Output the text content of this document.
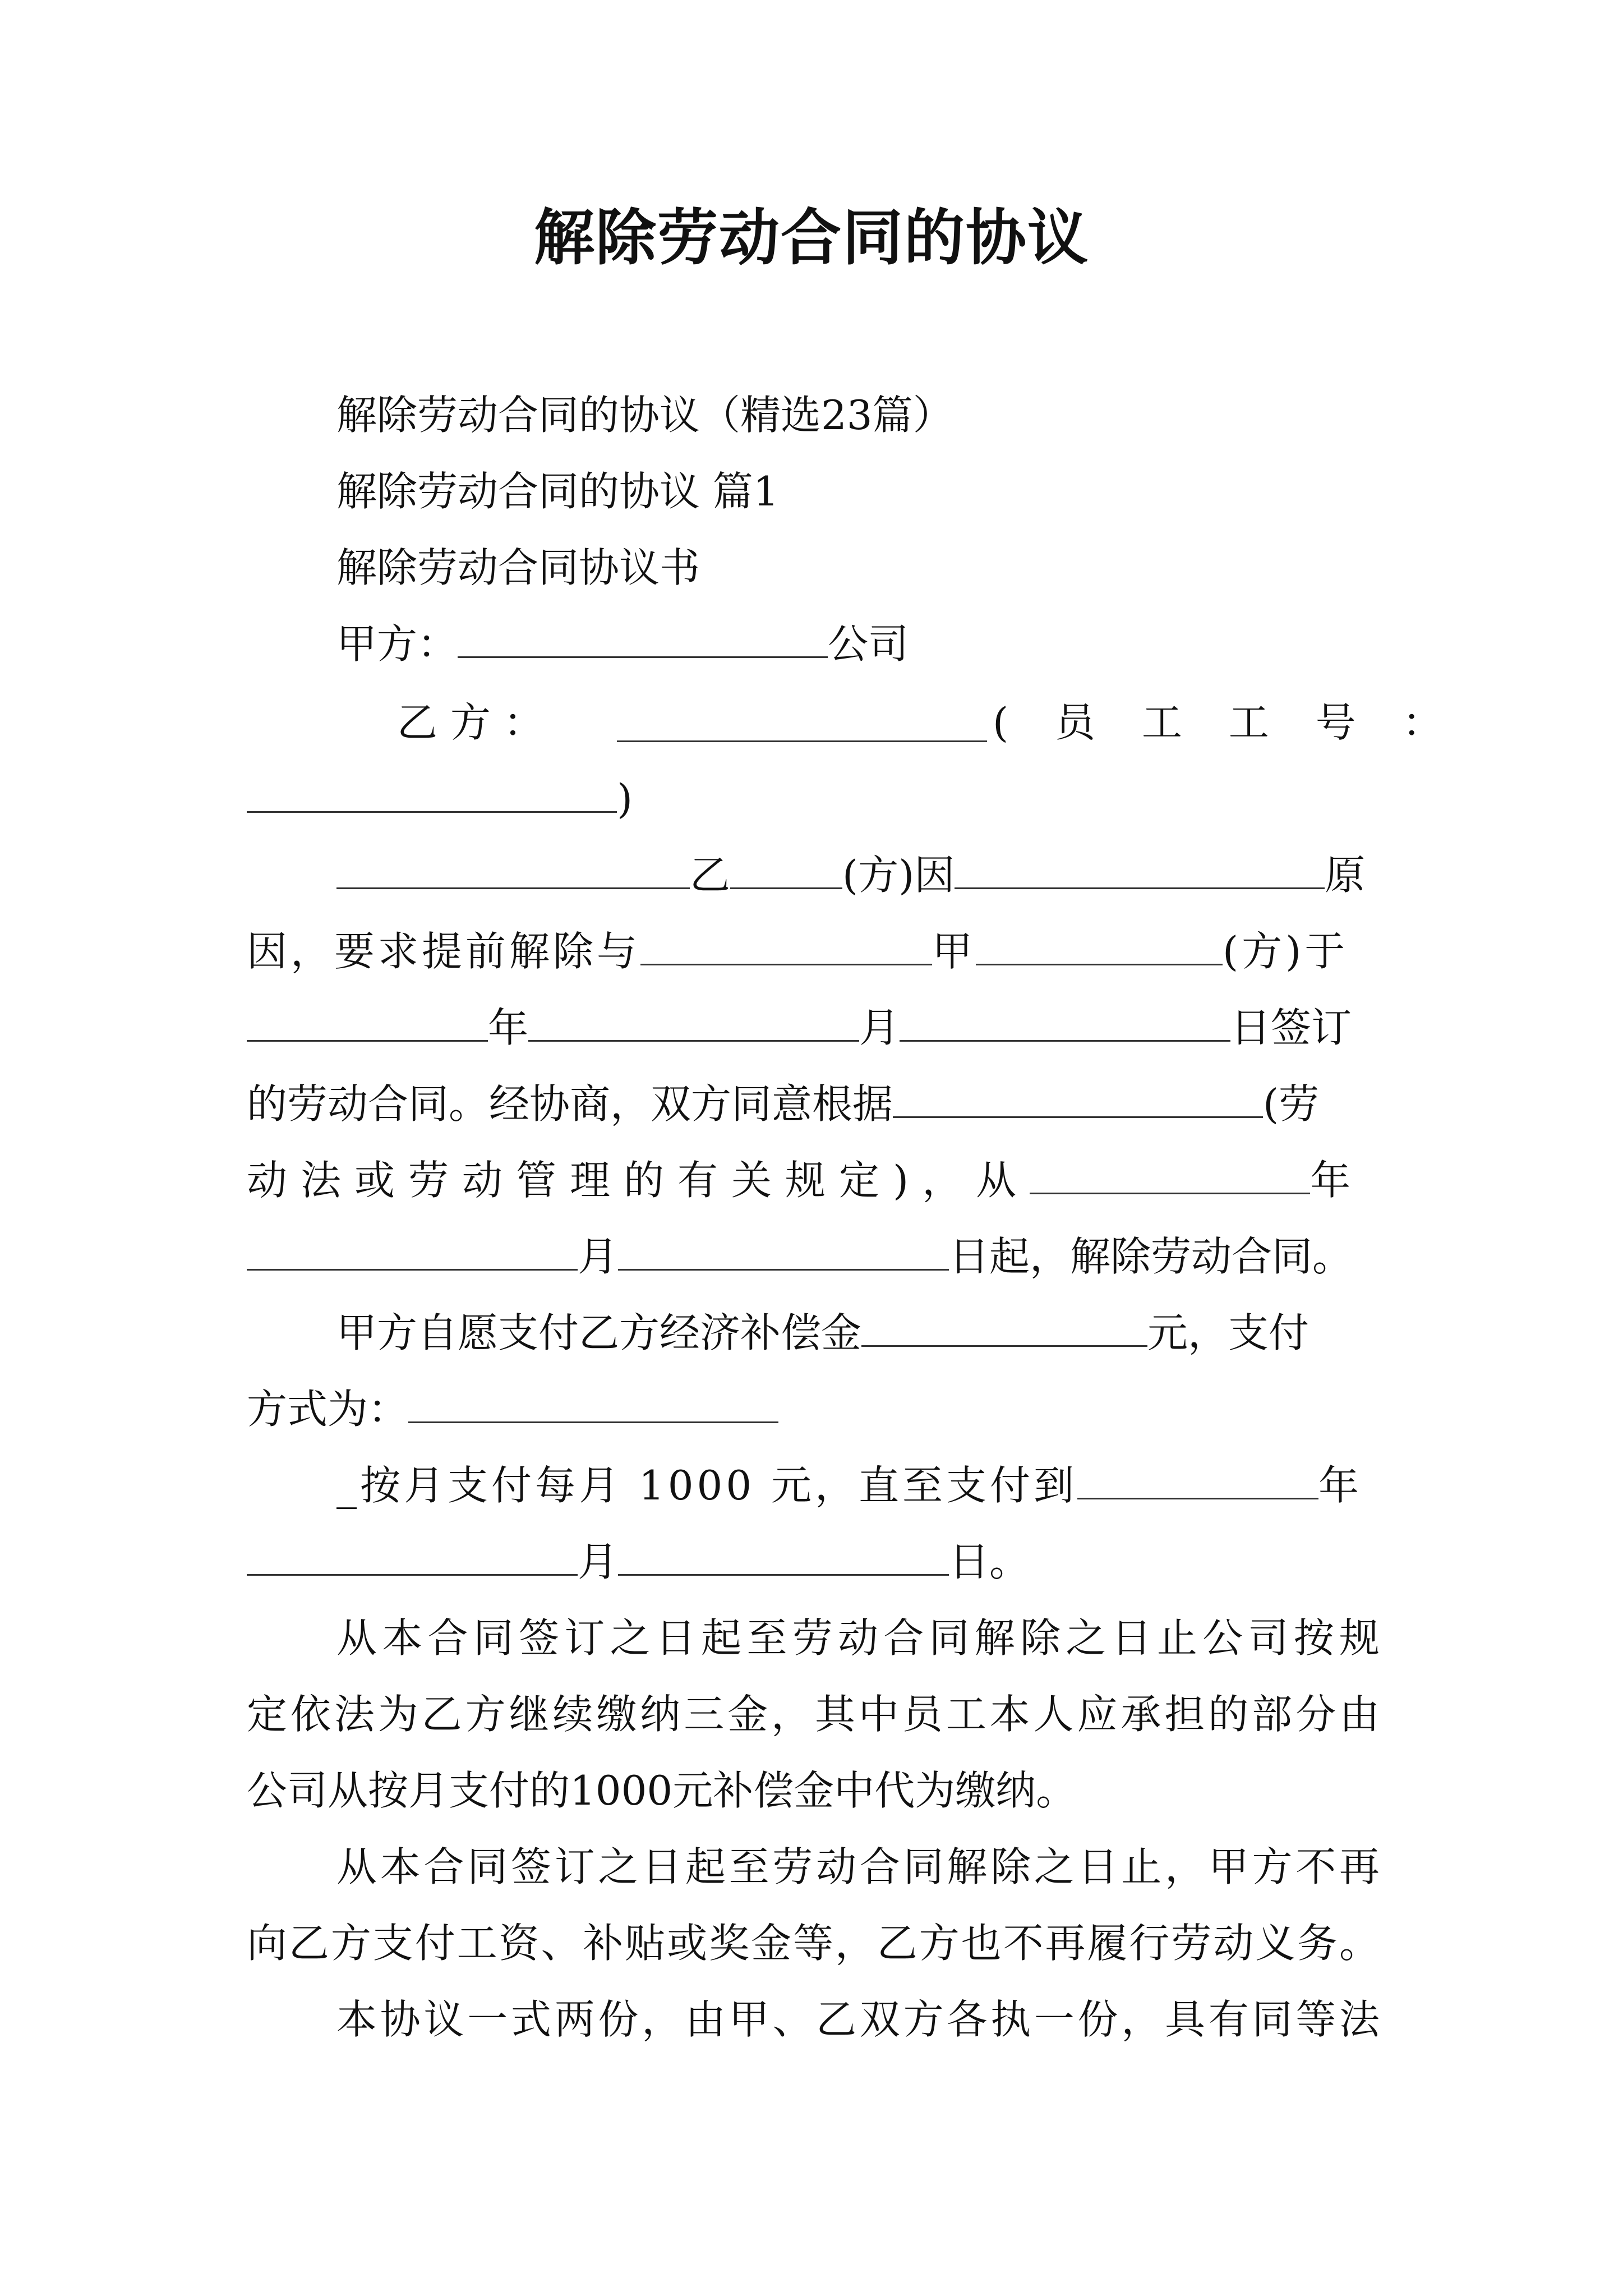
解除劳动合同的协议
解除劳动合同的协议（精选23篇）
解除劳动合同的协议 篇1
解除劳动合同协议书
甲方：	公司
乙 方 ：	( 员 工 工 号 ：
)
乙	(方)因	原
因，要求提前解除与	甲	(方)于
年	月	日签订
的劳动合同。经协商，双方同意根据	(劳
动法或劳动管理的有关规定)，从	年
月	日起，解除劳动合同。
甲方自愿支付乙方经济补偿金	元，支付
方式为：
_按月支付每月 1000 元，直至支付到	年
月	日。
从本合同签订之日起至劳动合同解除之日止公司按规
定依法为乙方继续缴纳三金，其中员工本人应承担的部分由
公司从按月支付的1000元补偿金中代为缴纳。
从本合同签订之日起至劳动合同解除之日止，甲方不再
向乙方支付工资、补贴或奖金等，乙方也不再履行劳动义务。
本协议一式两份，由甲、乙双方各执一份，具有同等法
